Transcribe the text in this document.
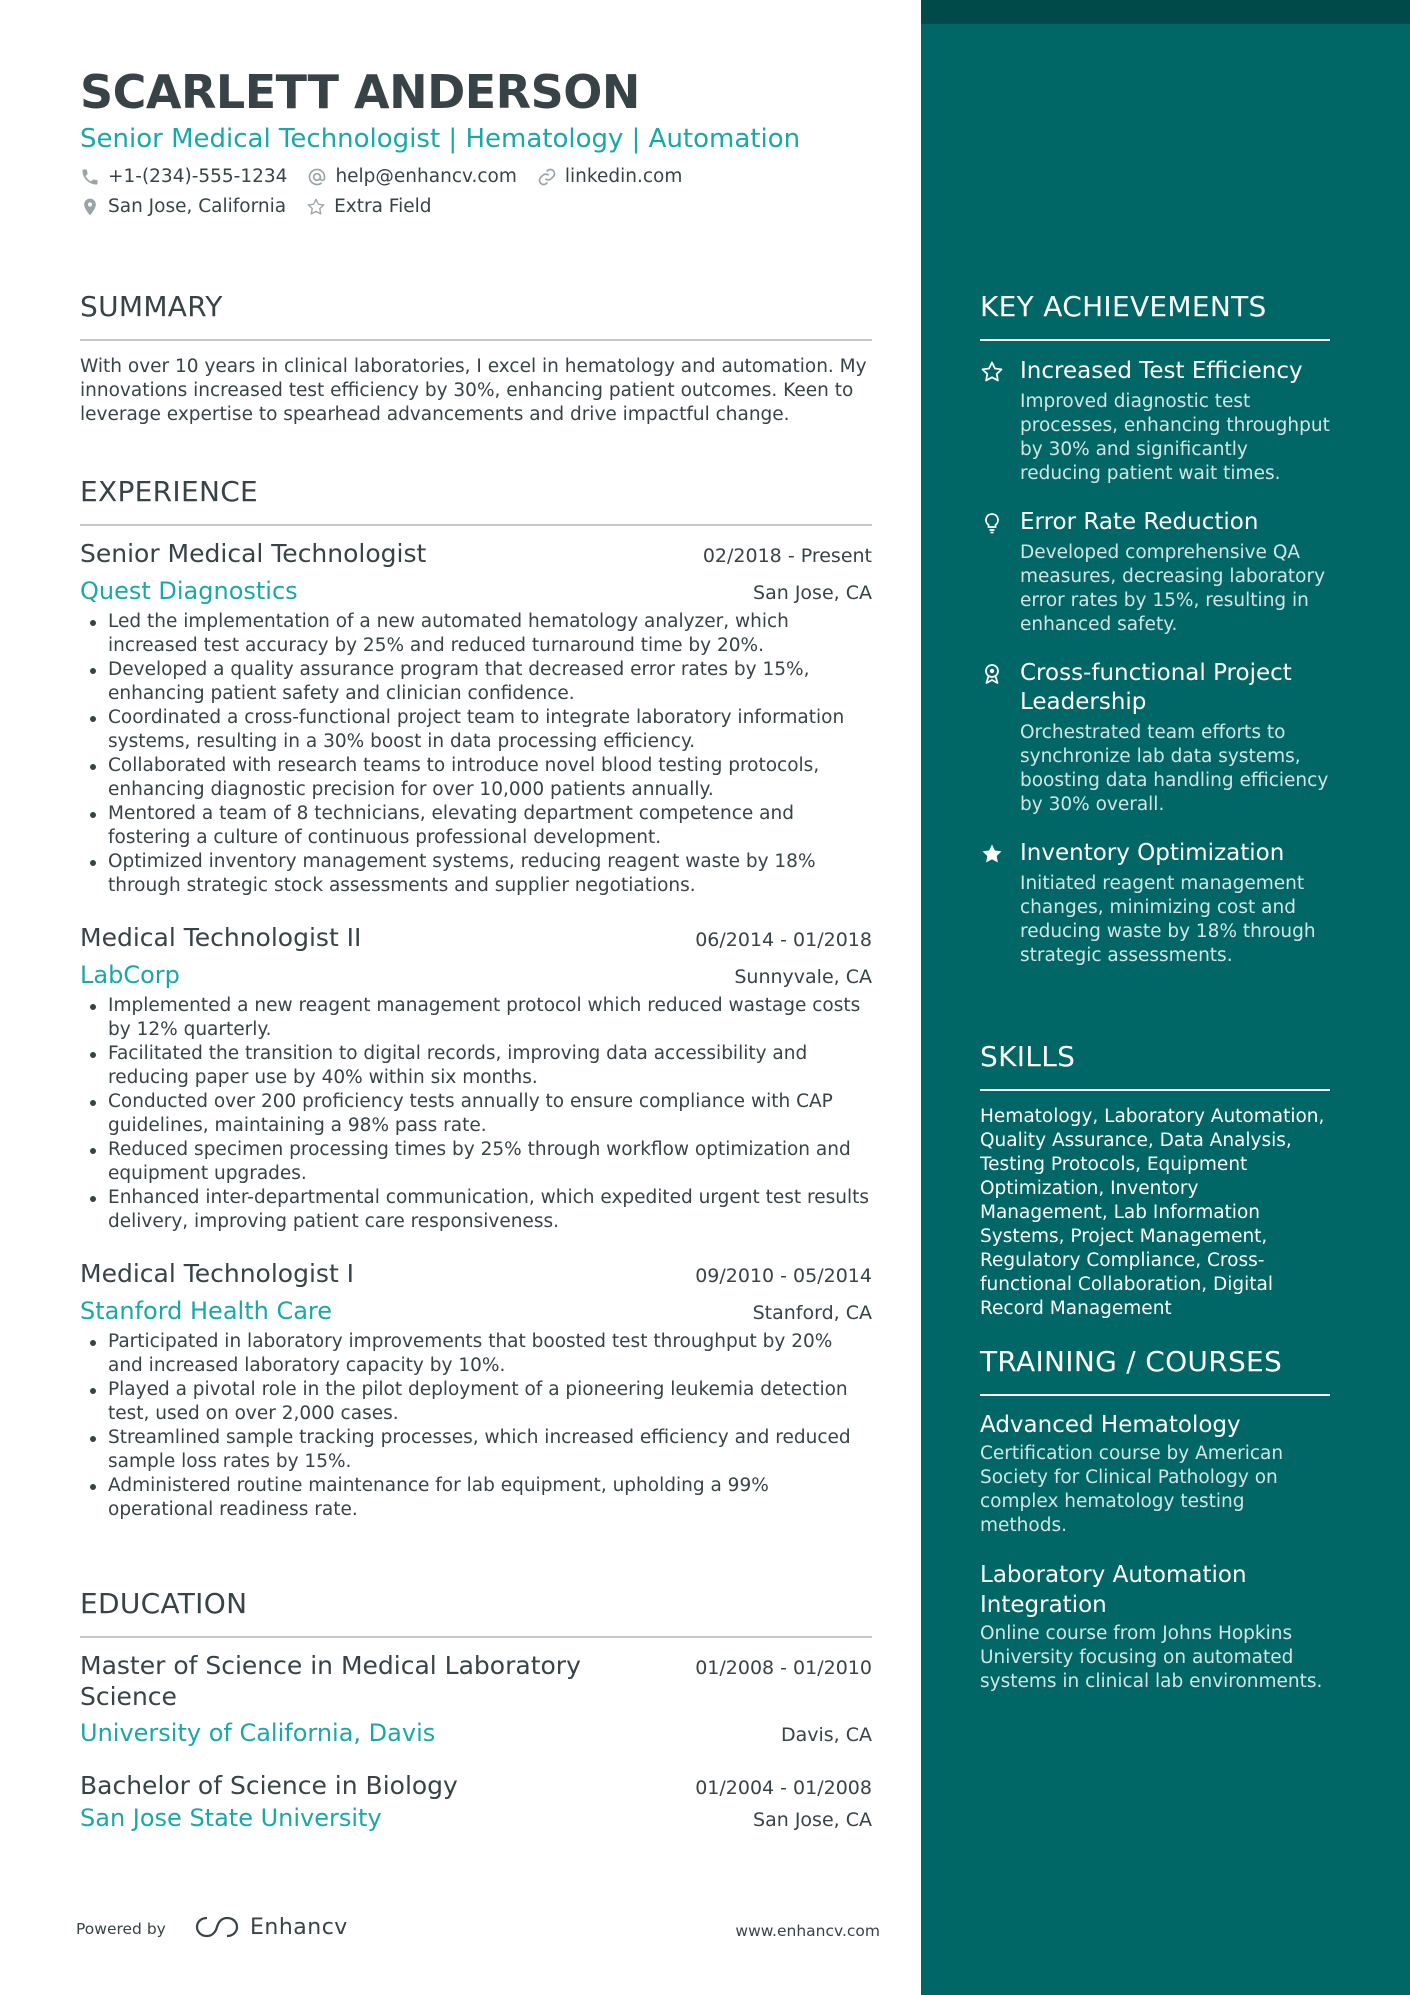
SCARLETT ANDERSON
Senior Medical Technologist | Hematology | Automation
+1-(234)-555-1234	help@enhancv.com	linkedin.com
San Jose, California	Extra Field
SUMMARY
With over 10 years in clinical laboratories, I excel in hematology and automation. My innovations increased test efficiency by 30%, enhancing patient outcomes. Keen to leverage expertise to spearhead advancements and drive impactful change.
EXPERIENCE
Senior Medical Technologist	02/2018 - Present
Quest Diagnostics	San Jose, CA
Led the implementation of a new automated hematology analyzer, which increased test accuracy by 25% and reduced turnaround time by 20%.
Developed a quality assurance program that decreased error rates by 15%, enhancing patient safety and clinician confidence.
Coordinated a cross-functional project team to integrate laboratory information systems, resulting in a 30% boost in data processing efficiency.
Collaborated with research teams to introduce novel blood testing protocols, enhancing diagnostic precision for over 10,000 patients annually.
Mentored a team of 8 technicians, elevating department competence and fostering a culture of continuous professional development.
Optimized inventory management systems, reducing reagent waste by 18% through strategic stock assessments and supplier negotiations.
Medical Technologist II	06/2014 - 01/2018
LabCorp	Sunnyvale, CA
Implemented a new reagent management protocol which reduced wastage costs by 12% quarterly.
Facilitated the transition to digital records, improving data accessibility and reducing paper use by 40% within six months.
Conducted over 200 proficiency tests annually to ensure compliance with CAP guidelines, maintaining a 98% pass rate.
Reduced specimen processing times by 25% through workflow optimization and equipment upgrades.
Enhanced inter-departmental communication, which expedited urgent test results delivery, improving patient care responsiveness.
Medical Technologist I	09/2010 - 05/2014
Stanford Health Care	Stanford, CA
Participated in laboratory improvements that boosted test throughput by 20% and increased laboratory capacity by 10%.
Played a pivotal role in the pilot deployment of a pioneering leukemia detection test, used on over 2,000 cases.
Streamlined sample tracking processes, which increased efficiency and reduced sample loss rates by 15%.
Administered routine maintenance for lab equipment, upholding a 99% operational readiness rate.
EDUCATION
Master of Science in Medical Laboratory Science
01/2008 - 01/2010
University of California, Davis	Davis, CA
Bachelor of Science in Biology	01/2004 - 01/2008
San Jose State University	San Jose, CA
Powered by	Enhancv	www.enhancv.com
KEY ACHIEVEMENTS
Increased Test Efficiency
Improved diagnostic test processes, enhancing throughput by 30% and significantly reducing patient wait times.
Error Rate Reduction
Developed comprehensive QA measures, decreasing laboratory error rates by 15%, resulting in enhanced safety.
Cross-functional Project Leadership
Orchestrated team efforts to synchronize lab data systems, boosting data handling efficiency by 30% overall.
Inventory Optimization
Initiated reagent management changes, minimizing cost and reducing waste by 18% through strategic assessments.
SKILLS
Hematology, Laboratory Automation, Quality Assurance, Data Analysis, Testing Protocols, Equipment Optimization, Inventory Management, Lab Information Systems, Project Management, Regulatory Compliance, Cross-functional Collaboration, Digital Record Management
TRAINING / COURSES
Advanced Hematology
Certification course by American Society for Clinical Pathology on complex hematology testing methods.
Laboratory Automation Integration
Online course from Johns Hopkins University focusing on automated systems in clinical lab environments.
